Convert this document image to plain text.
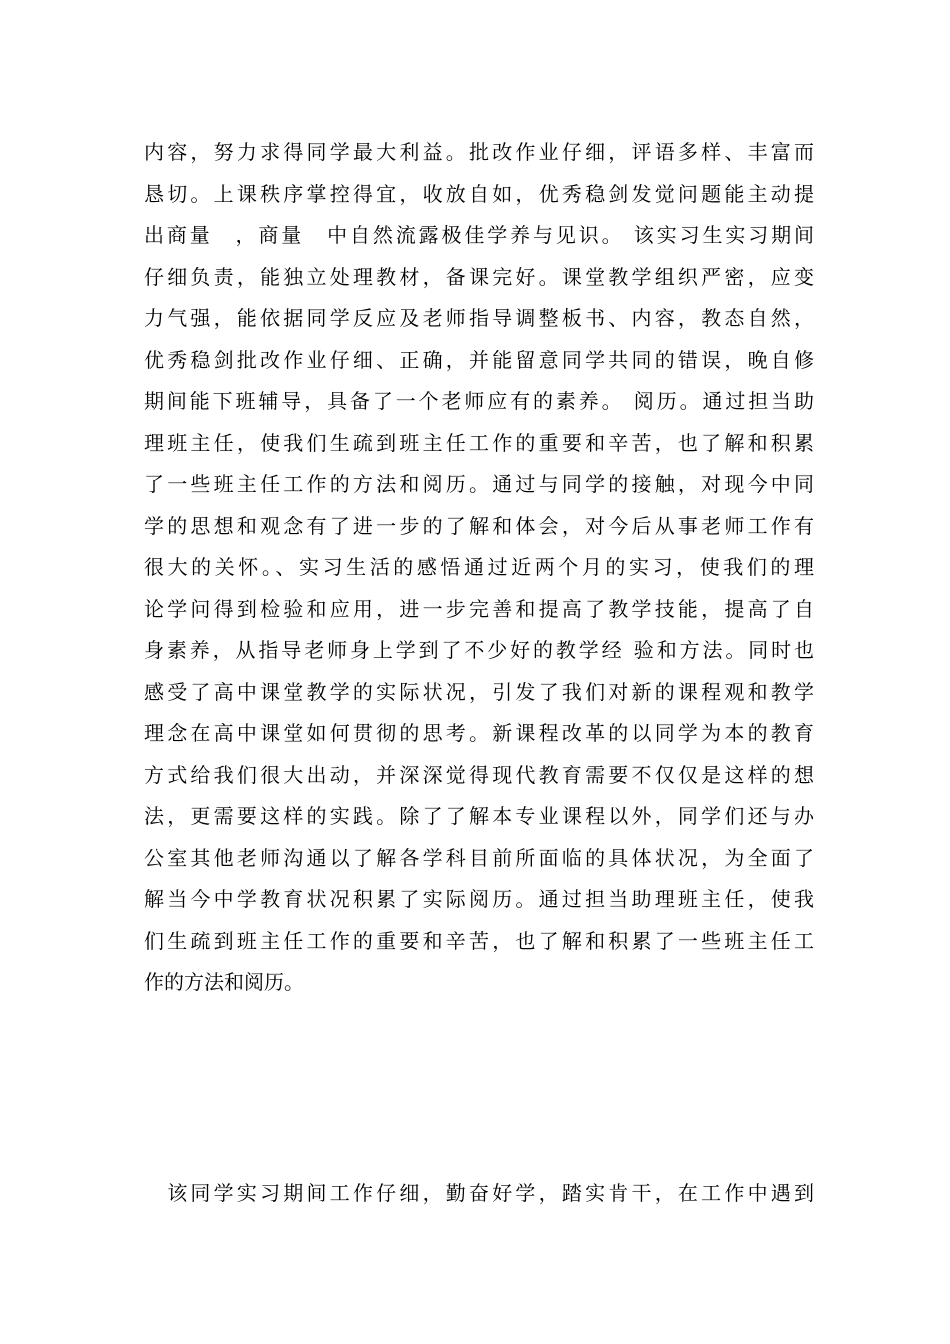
内容，努力求得同学最大利益。批改作业仔细，评语多样、丰富而
恳切。上课秩序掌控得宜，收放自如，优秀稳剑发觉问题能主动提
出商量　，商量　中自然流露极佳学养与见识。 该实习生实习期间
仔细负责，能独立处理教材，备课完好。课堂教学组织严密，应变
力气强，能依据同学反应及老师指导调整板书、内容，教态自然，
优秀稳剑批改作业仔细、正确，并能留意同学共同的错误，晚自修
期间能下班辅导，具备了一个老师应有的素养。 阅历。通过担当助
理班主任，使我们生疏到班主任工作的重要和辛苦，也了解和积累
了一些班主任工作的方法和阅历。通过与同学的接触，对现今中同
学的思想和观念有了进一步的了解和体会，对今后从事老师工作有
很大的关怀。、实习生活的感悟通过近两个月的实习，使我们的理
论学问得到检验和应用，进一步完善和提高了教学技能，提高了自
身素养，从指导老师身上学到了不少好的教学经 验和方法。同时也
感受了高中课堂教学的实际状况，引发了我们对新的课程观和教学
理念在高中课堂如何贯彻的思考。新课程改革的以同学为本的教育
方式给我们很大出动，并深深觉得现代教育需要不仅仅是这样的想
法，更需要这样的实践。除了了解本专业课程以外，同学们还与办
公室其他老师沟通以了解各学科目前所面临的具体状况，为全面了
解当今中学教育状况积累了实际阅历。通过担当助理班主任，使我
们生疏到班主任工作的重要和辛苦，也了解和积累了一些班主任工
作的方法和阅历。
　该同学实习期间工作仔细，勤奋好学，踏实肯干，在工作中遇到
